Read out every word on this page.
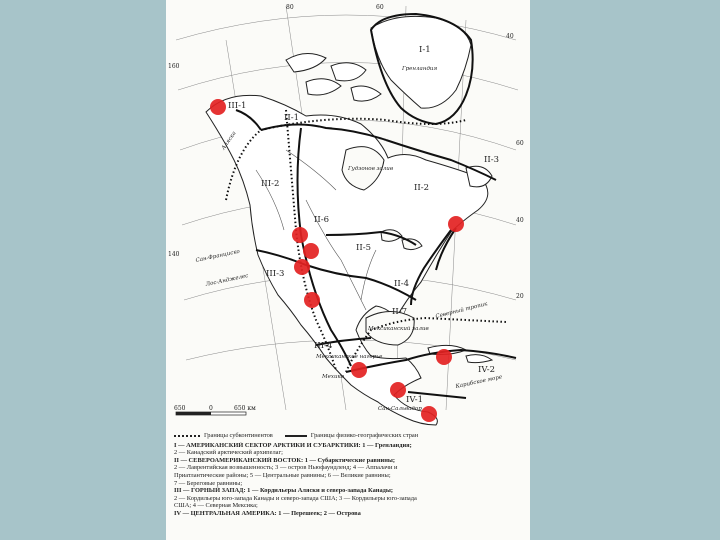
I-1
III-1
II-1
II-2
II-3
II-4
II-5
II-6
II-7
III-2
III-3
III-4
IV-1
IV-2
Гренландия
Аляска
Гудзонов залив
Сан-Франциско
Лос-Анджелес
Мехико
Мексиканское нагорье
Мексиканский залив
Карибское море
Сан-Сальвадор
Северный тропик
80	60
40
60
40
20
160
140
650	0	650 км
Границы субконтинентов	Границы физико-географических стран
I — АМЕРИКАНСКИЙ СЕКТОР АРКТИКИ И СУБАРКТИКИ: 1 — Гренландия;
2 — Канадский арктический архипелаг;
II — СЕВЕРОАМЕРИКАНСКИЙ ВОСТОК: 1 — Субарктические равнины;
2 — Лаврентийская возвышенность; 3 — остров Ньюфаундленд; 4 — Аппалачи и
Приатлантические районы; 5 — Центральные равнины; 6 — Великие равнины;
7 — Береговые равнины;
III — ГОРНЫЙ ЗАПАД: 1 — Кордильеры Аляски и северо-запада Канады;
2 — Кордильеры юго-запада Канады и северо-запада США; 3 — Кордильеры юго-запада
США; 4 — Северная Мексика;
IV — ЦЕНТРАЛЬНАЯ АМЕРИКА: 1 — Перешеек; 2 — Острова
